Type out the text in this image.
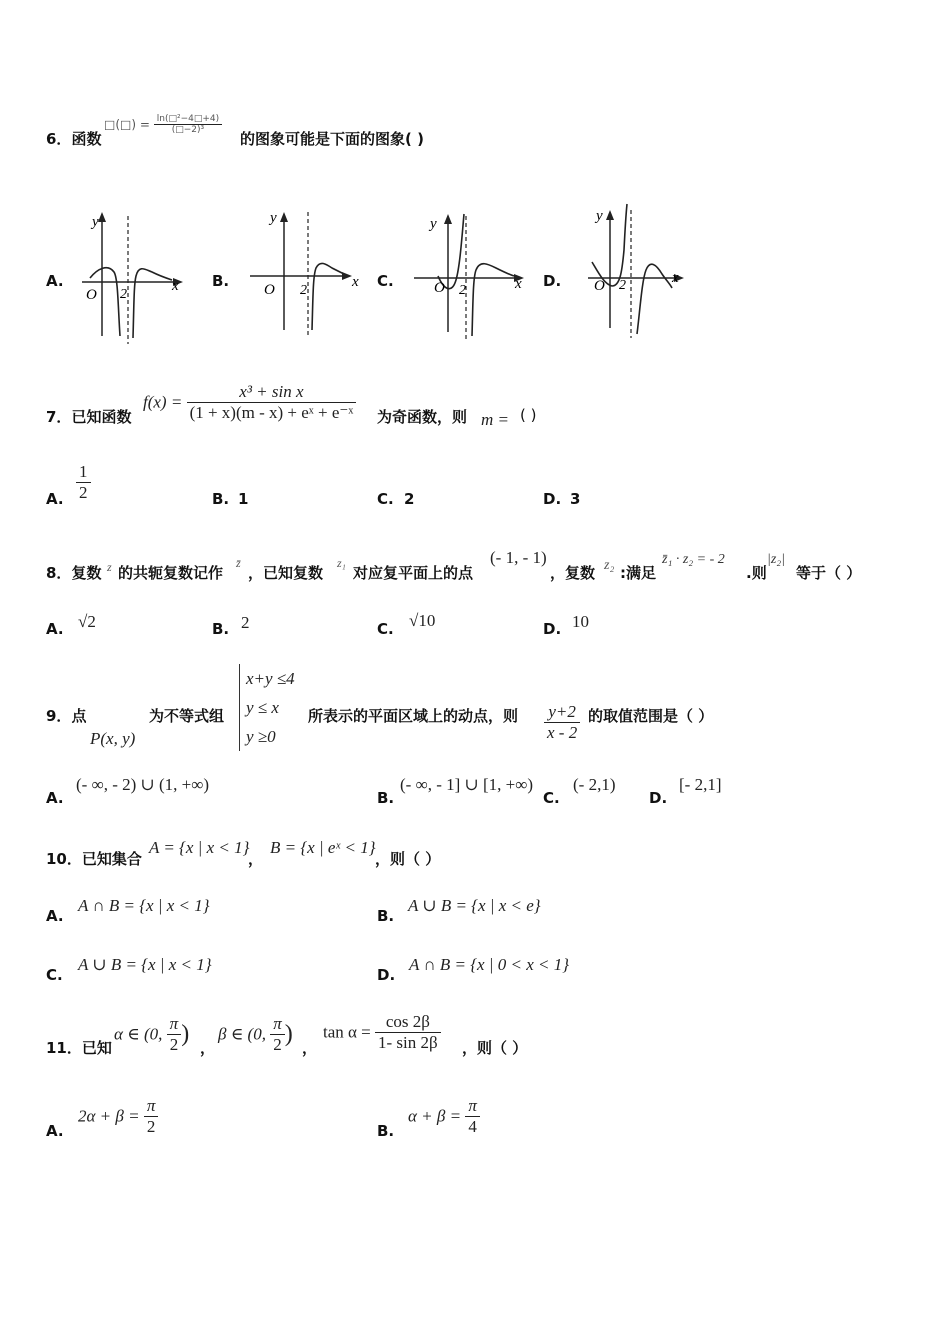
6．函数
□(□) = $\frac{\text{ln(□²−4□+4)}}{\text{(□−2)³}}$
的图象可能是下面的图象( )
A.	B.	C.	D.
y
x
O 2
y
x
O 2
y
x
O 2
y
x
O 2
7．已知函数
$f(x) = \frac{\text{x³ + sin x}}{\text{(1 + x)(m - x) + eˣ + e⁻ˣ}}$ 为奇函数，则 m = ( )
A. $\frac{1}{2}$	B. 1	C. 2	D. 3
8．复数 z 的共轭复数记作
z̄
，已知复数
z₁
对应复平面上的点
(- 1, - 1)
，复数 z₂ :满足
z̄₁ · z₂ = - 2
.则
|z₂|
等于（ ）
A. √2	B. 2	C. √10	D. 10
9．点
P(x, y)
为不等式组
x+y ≤4
y ≤ x
y ≥0
所表示的平面区域上的动点，则 $\frac{y+2}{x - 2}$ 的取值范围是（ ）
A.
(- ∞, - 2) ∪ (1, +∞)
B.
(- ∞, - 1] ∪ [1, +∞)
C.
(- 2,1)
D.
[- 2,1]
10．已知集合
A = {x | x < 1}
，
B = {x | eˣ < 1}
，则（ ）
A.
A ∩ B = {x | x < 1}
B.
A ∪ B = {x | x < e}
C.
A ∪ B = {x | x < 1}
D.
A ∩ B = {x | 0 < x < 1}
11．已知
α ∈ (0, $\frac{\pi}{2}$ )
，
β ∈ (0, $\frac{\pi}{2}$ )
，
$\tan \alpha = \frac{\cos 2\beta}{1- \sin 2\beta}$ ，则（ ）
A.
$2\alpha + \beta = \frac{\pi}{2}$	B.
$\alpha + \beta = \frac{\pi}{4}$
